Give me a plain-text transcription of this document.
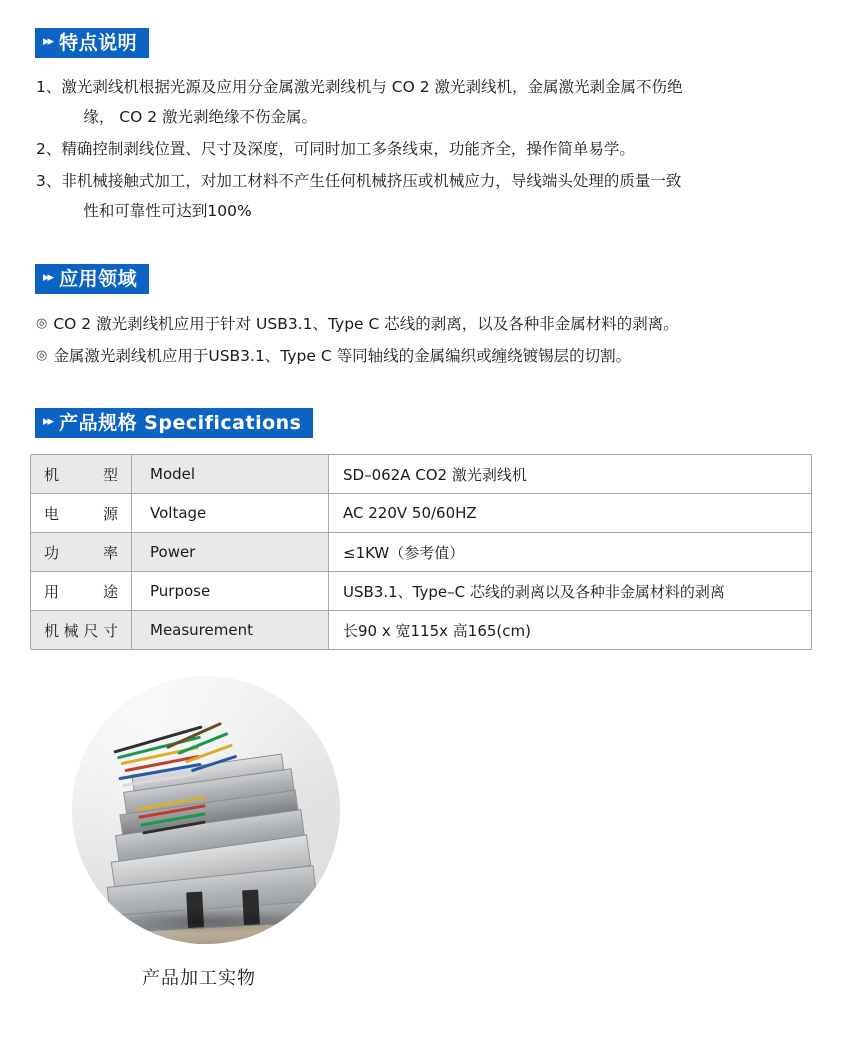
▸▸ 特点说明
1、 激光剥线机根据光源及应用分金属激光剥线机与 CO 2 激光剥线机，金属激光剥金属不伤绝
缘， CO 2 激光剥绝缘不伤金属。
2、 精确控制剥线位置、尺寸及深度，可同时加工多条线束，功能齐全，操作简单易学。
3、 非机械接触式加工，对加工材料不产生任何机械挤压或机械应力，导线端头处理的质量一致
性和可靠性可达到100%
▸▸ 应用领域
◎ CO 2 激光剥线机应用于针对 USB3.1、Type C 芯线的剥离，以及各种非金属材料的剥离。
◎ 金属激光剥线机应用于USB3.1、Type C 等同轴线的金属编织或缠绕镀锡层的切割。
▸▸ 产品规格 Specifications
机 型	Model	SD–062A CO2 激光剥线机
电 源	Voltage	AC 220V 50/60HZ
功 率	Power	≤1KW（参考值）
用 途	Purpose	USB3.1、Type–C 芯线的剥离以及各种非金属材料的剥离
机械尺寸	Measurement	长90 x 宽115x 高165(cm)
产品加工实物
